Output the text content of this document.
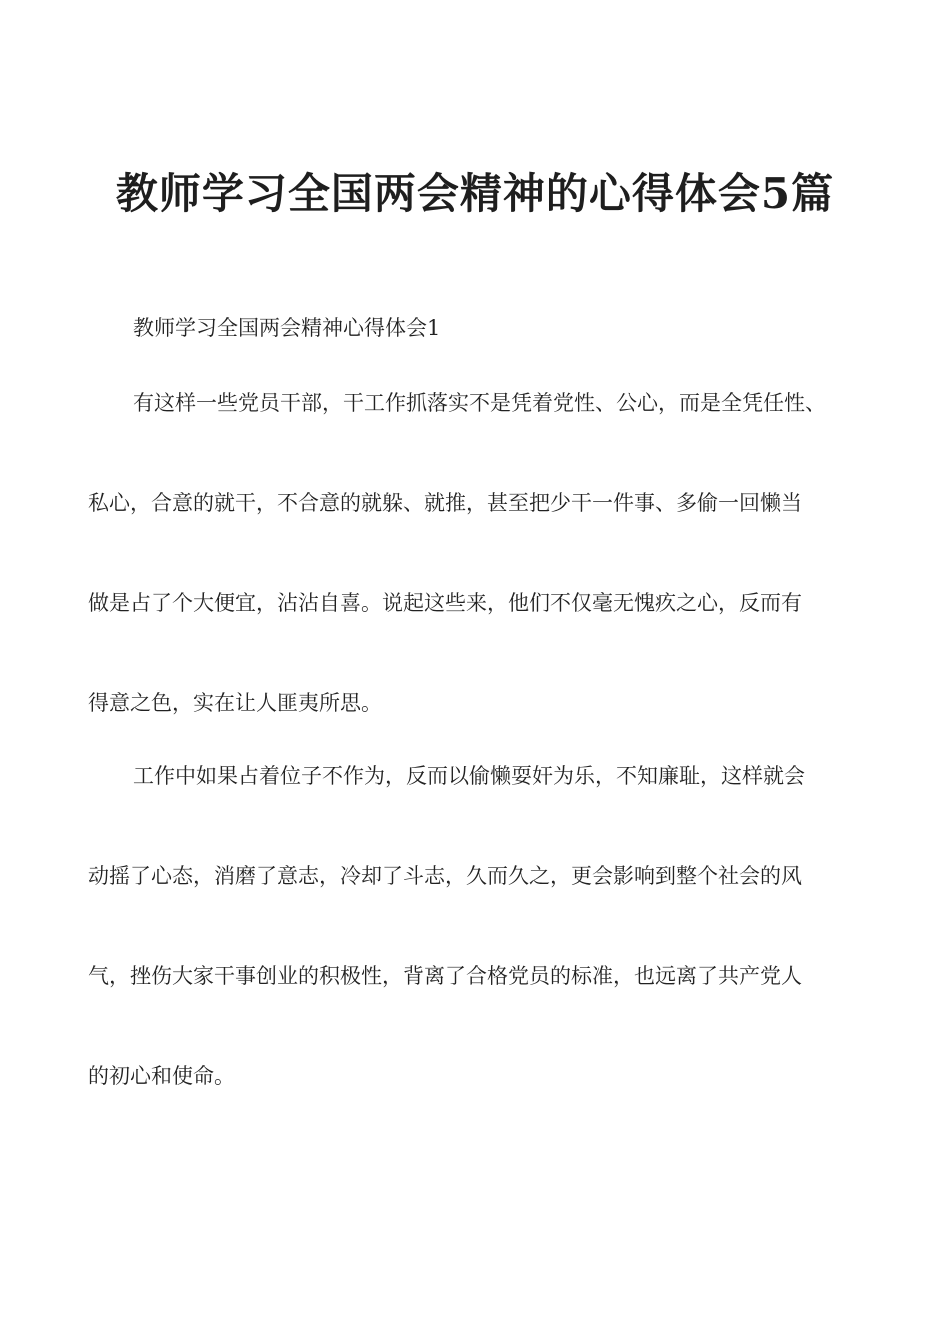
教师学习全国两会精神的心得体会5篇
教师学习全国两会精神心得体会1
有这样一些党员干部，干工作抓落实不是凭着党性、公心，而是全凭任性、
私心，合意的就干，不合意的就躲、就推，甚至把少干一件事、多偷一回懒当
做是占了个大便宜，沾沾自喜。说起这些来，他们不仅毫无愧疚之心，反而有
得意之色，实在让人匪夷所思。
工作中如果占着位子不作为，反而以偷懒耍奸为乐，不知廉耻，这样就会
动摇了心态，消磨了意志，冷却了斗志，久而久之，更会影响到整个社会的风
气，挫伤大家干事创业的积极性，背离了合格党员的标准，也远离了共产党人
的初心和使命。
